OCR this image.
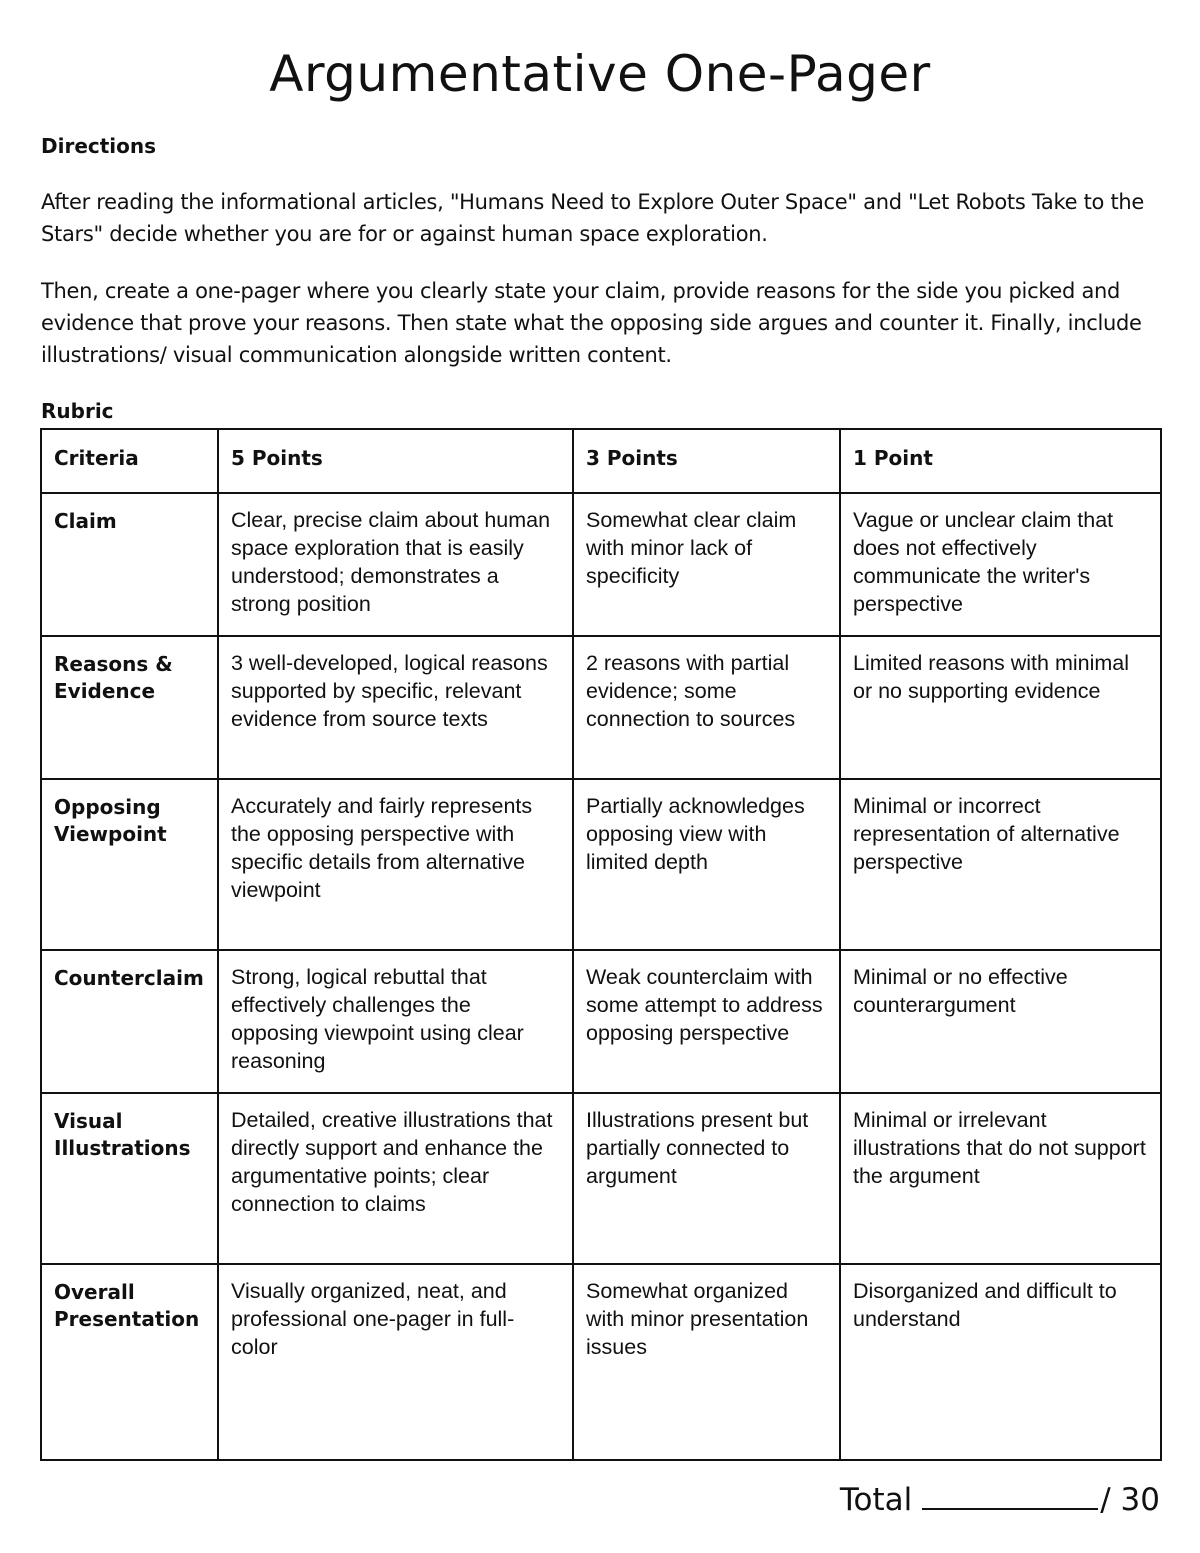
Argumentative One-Pager

Directions

After reading the informational articles, "Humans Need to Explore Outer Space" and "Let Robots Take to the Stars" decide whether you are for or against human space exploration.

Then, create a one-pager where you clearly state your claim, provide reasons for the side you picked and evidence that prove your reasons. Then state what the opposing side argues and counter it. Finally, include illustrations/ visual communication alongside written content.

Rubric

Criteria	5 Points	3 Points	1 Point
Claim	Clear, precise claim about human space exploration that is easily understood; demonstrates a strong position	Somewhat clear claim with minor lack of specificity	Vague or unclear claim that does not effectively communicate the writer's perspective
Reasons & Evidence	3 well-developed, logical reasons supported by specific, relevant evidence from source texts	2 reasons with partial evidence; some connection to sources	Limited reasons with minimal or no supporting evidence
Opposing Viewpoint	Accurately and fairly represents the opposing perspective with specific details from alternative viewpoint	Partially acknowledges opposing view with limited depth	Minimal or incorrect representation of alternative perspective
Counterclaim	Strong, logical rebuttal that effectively challenges the opposing viewpoint using clear reasoning	Weak counterclaim with some attempt to address opposing perspective	Minimal or no effective counterargument
Visual Illustrations	Detailed, creative illustrations that directly support and enhance the argumentative points; clear connection to claims	Illustrations present but partially connected to argument	Minimal or irrelevant illustrations that do not support the argument
Overall Presentation	Visually organized, neat, and professional one-pager in full-color	Somewhat organized with minor presentation issues	Disorganized and difficult to understand
Total	/ 30
